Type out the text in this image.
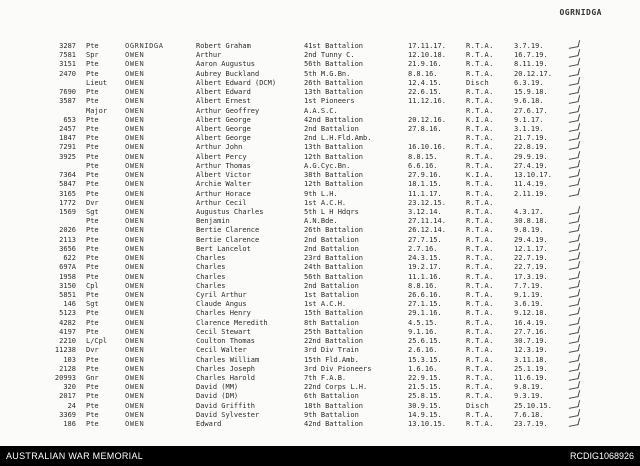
OGRNIDGA
3287 Pte	OGRNIDGA	Robert Graham	41st Battalion	17.11.17.	R.T.A.	3.7.19.
7581 Spr	OWEN	Arthur	2nd Tunny C.	12.10.18.	R.T.A.	16.7.19.
3151 Pte	OWEN	Aaron Augustus	56th Battalion	21.9.16.	R.T.A.	8.11.19.
2470 Pte	OWEN	Aubrey Buckland	5th M.G.Bn.	8.8.16.	R.T.A.	20.12.17.
Lieut	OWEN	Albert Edward (DCM)	26th Battalion	12.4.15.	Disch	6.3.19.
7690 Pte	OWEN	Albert Edward	13th Battalion	22.6.15.	R.T.A.	15.9.18.
3587 Pte	OWEN	Albert Ernest	1st Pioneers	11.12.16.	R.T.A.	9.6.18.
Major	OWEN	Arthur Geoffrey	A.A.S.C.	R.T.A.	27.6.17.
653 Pte	OWEN	Albert George	42nd Battalion	20.12.16.	K.I.A.	9.1.17.
2457 Pte	OWEN	Albert George	2nd Battalion	27.8.16.	R.T.A.	3.1.19.
1847 Pte	OWEN	Albert George	2nd L.H.Fld.Amb.	R.T.A.	21.7.19.
7291 Pte	OWEN	Arthur John	13th Battalion	16.10.16.	R.T.A.	22.8.19.
3925 Pte	OWEN	Albert Percy	12th Battalion	8.8.15.	R.T.A.	29.9.19.
Pte	OWEN	Arthur Thomas	A.G.Cyc.Bn.	6.6.16.	R.T.A.	27.4.19.
7364 Pte	OWEN	Albert Victor	38th Battalion	27.9.16.	K.I.A.	13.10.17.
5847 Pte	OWEN	Archie Walter	12th Battalion	18.1.15.	R.T.A.	11.4.19.
3165 Pte	OWEN	Arthur Horace	9th L.H.	11.1.17.	R.T.A.	2.11.19.
1772 Dvr	OWEN	Arthur Cecil	1st A.C.H.	23.12.15.	R.T.A.
1569 Sgt	OWEN	Augustus Charles	5th L H Hdqrs	3.12.14.	R.T.A.	4.3.17.
Pte	OWEN	Benjamin	A.N.Bde.	27.11.14.	R.T.A.	30.8.18.
2026 Pte	OWEN	Bertie Clarence	26th Battalion	26.12.14.	R.T.A.	9.8.19.
2113 Pte	OWEN	Bertie Clarence	2nd Battalion	27.7.15.	R.T.A.	29.4.19.
3656 Pte	OWEN	Bert Lancelot	2nd Battalion	2.7.16.	R.T.A.	12.1.17.
622 Pte	OWEN	Charles	23rd Battalion	24.3.15.	R.T.A.	22.7.19.
697A Pte	OWEN	Charles	24th Battalion	19.2.17.	R.T.A.	22.7.19.
1958 Pte	OWEN	Charles	56th Battalion	11.1.16.	R.T.A.	17.3.19.
3150 Cpl	OWEN	Charles	2nd Battalion	8.8.16.	R.T.A.	7.7.19.
5851 Pte	OWEN	Cyril Arthur	1st Battalion	26.6.16.	R.T.A.	9.1.19.
146 Sgt	OWEN	Claude Angus	1st A.C.H.	27.1.15.	R.T.A.	3.6.19.
5123 Pte	OWEN	Charles Henry	15th Battalion	29.1.16.	R.T.A.	9.12.18.
4282 Pte	OWEN	Clarence Meredith	8th Battalion	4.5.15.	R.T.A.	16.4.19.
4197 Pte	OWEN	Cecil Stewart	25th Battalion	9.1.16.	R.T.A.	27.7.16.
2210 L/Cpl	OWEN	Coulton Thomas	22nd Battalion	25.6.15.	R.T.A.	30.7.19.
11238 Dvr	OWEN	Cecil Walter	3rd Div Train	2.6.16.	R.T.A.	12.3.19.
103 Pte	OWEN	Charles William	15th Fld.Amb.	15.3.15.	R.T.A.	3.11.18.
2128 Pte	OWEN	Charles Joseph	3rd Div Pioneers	1.6.16.	R.T.A.	25.1.19.
20993 Gnr	OWEN	Charles Harold	7th F.A.B.	22.9.15.	R.T.A.	11.6.19.
320 Pte	OWEN	David (MM)	22nd Corps L.H.	21.5.15.	R.T.A.	9.8.19.
2017 Pte	OWEN	David (DM)	6th Battalion	25.8.15.	R.T.A.	9.3.19.
24 Pte	OWEN	David Griffith	18th Battalion	30.9.15.	Disch	25.10.15.
3369 Pte	OWEN	David Sylvester	9th Battalion	14.9.15.	R.T.A.	7.6.18.
186 Pte	OWEN	Edward	42nd Battalion	13.10.15.	R.T.A.	23.7.19.
AUSTRALIAN WAR MEMORIAL	RCDIG1068926
